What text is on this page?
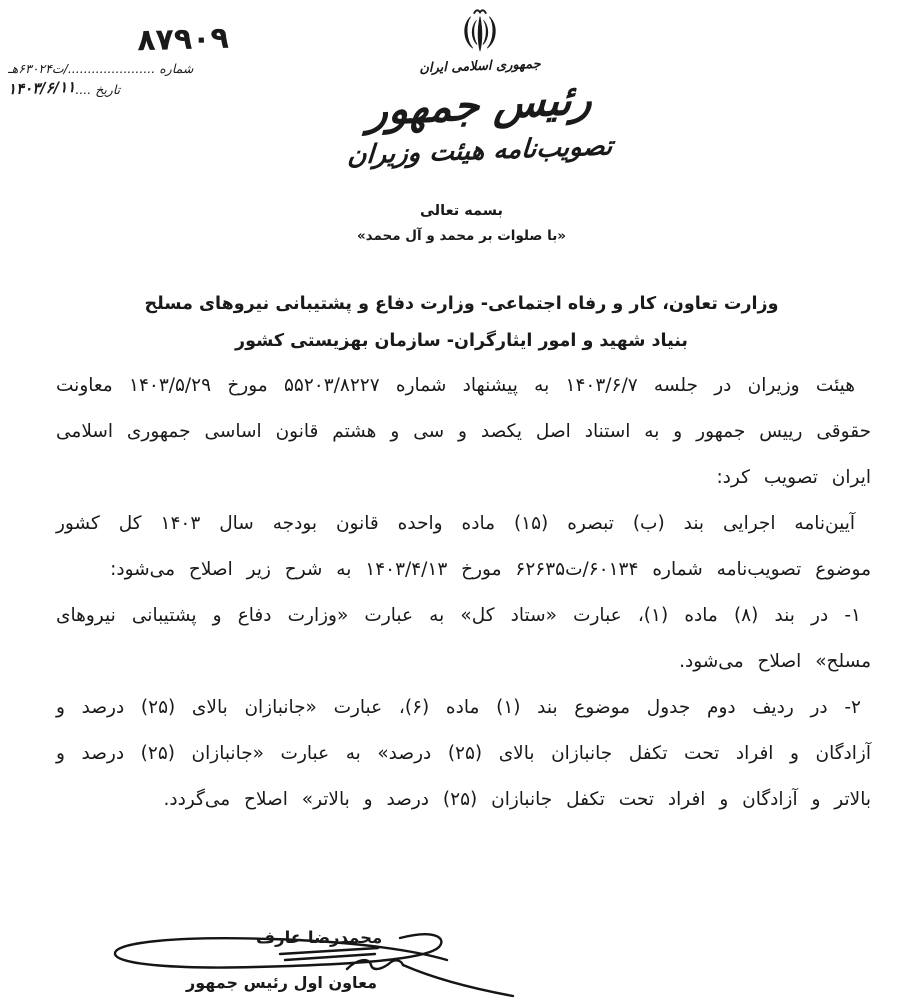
۸۷۹۰۹
شماره ....................../ت۶۳۰۲۴هـ
تاریخ ....۱۴۰۳/۶/۱۱
جمهوری اسلامی ایران
رئیس جمهور
تصویب‌نامه هیئت وزیران
بسمه تعالی
«با صلوات بر محمد و آل محمد»
وزارت تعاون، کار و رفاه اجتماعی- وزارت دفاع و پشتیبانی نیروهای مسلح
بنیاد شهید و امور ایثارگران- سازمان بهزیستی کشور

هیئت وزیران در جلسه ۱۴۰۳/۶/۷ به پیشنهاد شماره ۵۵۲۰۳/۸۲۲۷ مورخ ۱۴۰۳/۵/۲۹ معاونت حقوقی رییس جمهور و به استناد اصل یکصد و سی و هشتم قانون اساسی جمهوری اسلامی ایران تصویب کرد:

آیین‌نامه اجرایی بند (ب) تبصره (۱۵) ماده واحده قانون بودجه سال ۱۴۰۳ کل کشور موضوع تصویب‌نامه شماره ۶۰۱۳۴/ت۶۲۶۳۵ مورخ ۱۴۰۳/۴/۱۳ به شرح زیر اصلاح می‌شود:

۱- در بند (۸) ماده (۱)، عبارت «ستاد کل» به عبارت «وزارت دفاع و پشتیبانی نیروهای مسلح» اصلاح می‌شود.

۲- در ردیف دوم جدول موضوع بند (۱) ماده (۶)، عبارت «جانبازان بالای (۲۵) درصد و آزادگان و افراد تحت تکفل جانبازان بالای (۲۵) درصد» به عبارت «جانبازان (۲۵) درصد و بالاتر و آزادگان و افراد تحت تکفل جانبازان (۲۵) درصد و بالاتر» اصلاح می‌گردد.

محمدرضا عارف
معاون اول رئیس جمهور
